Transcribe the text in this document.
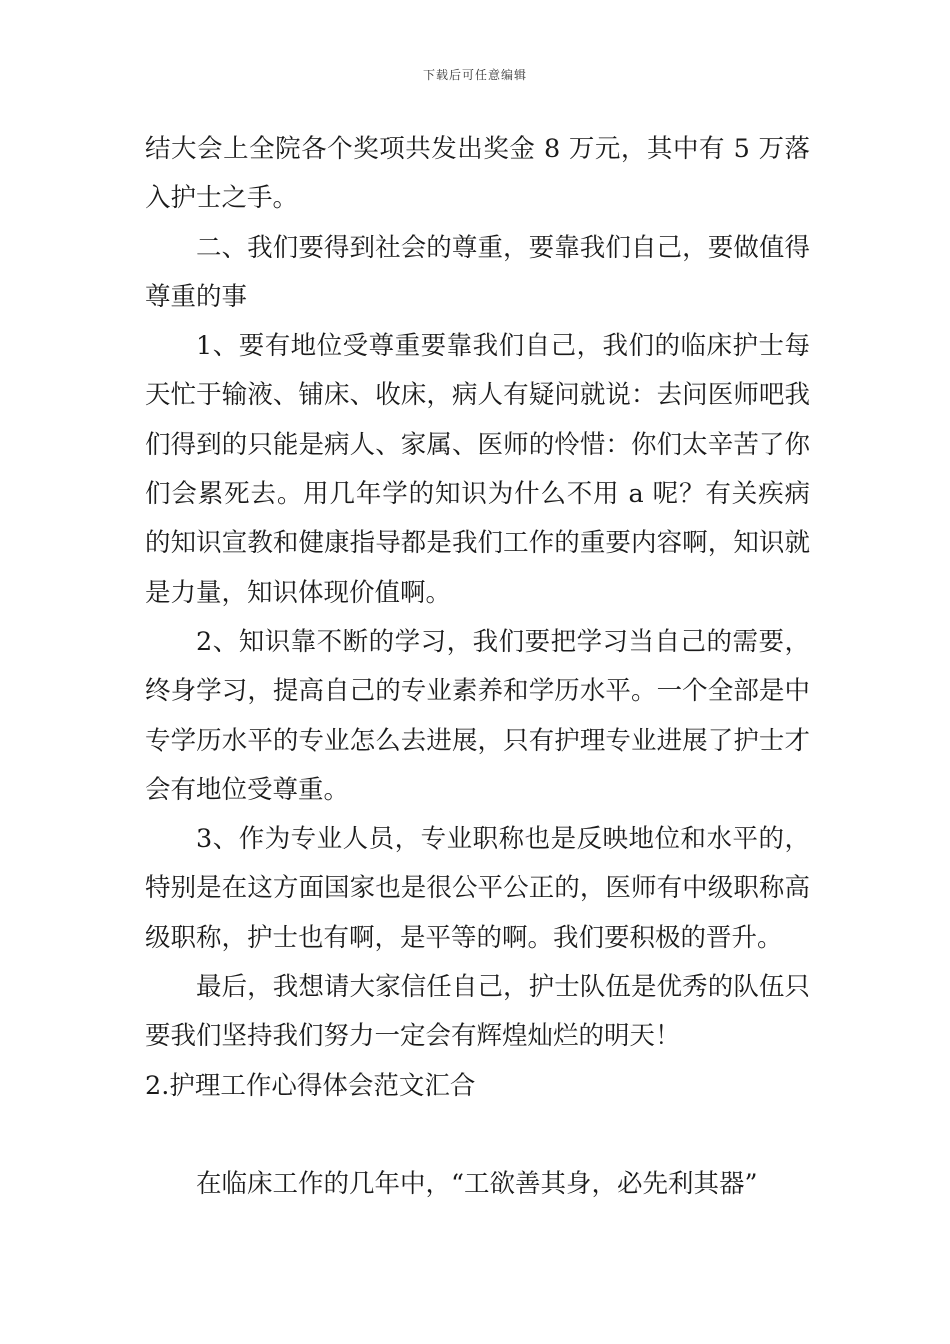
下载后可任意编辑

结大会上全院各个奖项共发出奖金 8 万元，其中有 5 万落入护士之手。

二、我们要得到社会的尊重，要靠我们自己，要做值得尊重的事

1、要有地位受尊重要靠我们自己，我们的临床护士每天忙于输液、铺床、收床，病人有疑问就说：去问医师吧我们得到的只能是病人、家属、医师的怜惜：你们太辛苦了你们会累死去。用几年学的知识为什么不用 a 呢？有关疾病的知识宣教和健康指导都是我们工作的重要内容啊，知识就是力量，知识体现价值啊。

2、知识靠不断的学习，我们要把学习当自己的需要，终身学习，提高自己的专业素养和学历水平。一个全部是中专学历水平的专业怎么去进展，只有护理专业进展了护士才会有地位受尊重。

3、作为专业人员，专业职称也是反映地位和水平的，特别是在这方面国家也是很公平公正的，医师有中级职称高级职称，护士也有啊，是平等的啊。我们要积极的晋升。

最后，我想请大家信任自己，护士队伍是优秀的队伍只要我们坚持我们努力一定会有辉煌灿烂的明天！

2.护理工作心得体会范文汇合

在临床工作的几年中，“工欲善其身，必先利其器”
